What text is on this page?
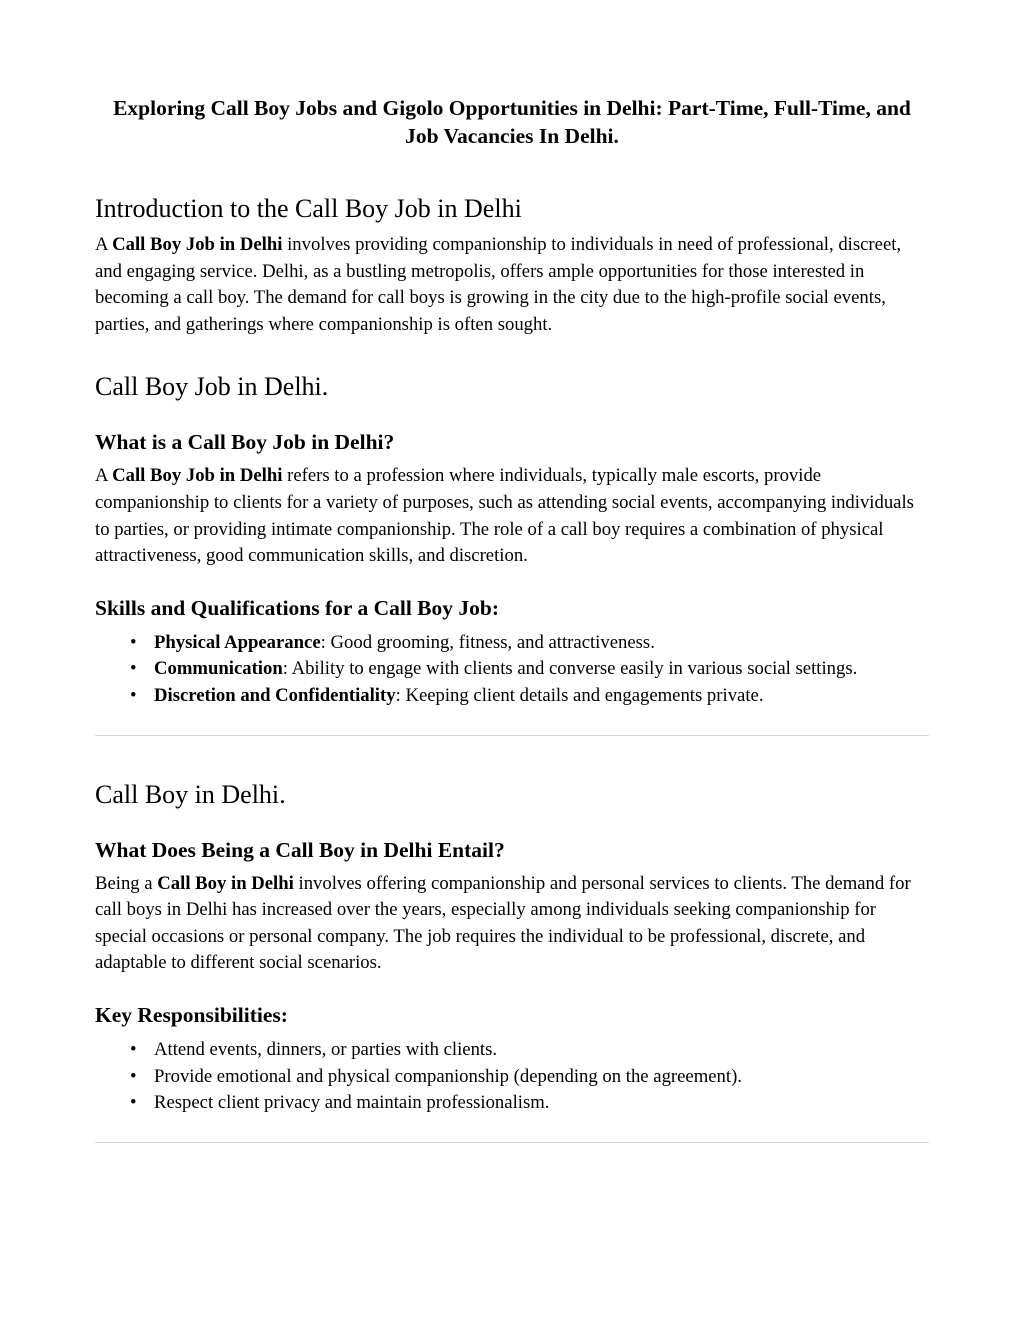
Exploring Call Boy Jobs and Gigolo Opportunities in Delhi: Part-Time, Full-Time, and Job Vacancies In Delhi.
Introduction to the Call Boy Job in Delhi

A Call Boy Job in Delhi involves providing companionship to individuals in need of professional, discreet, and engaging service. Delhi, as a bustling metropolis, offers ample opportunities for those interested in becoming a call boy. The demand for call boys is growing in the city due to the high-profile social events, parties, and gatherings where companionship is often sought.

Call Boy Job in Delhi.
What is a Call Boy Job in Delhi?

A Call Boy Job in Delhi refers to a profession where individuals, typically male escorts, provide companionship to clients for a variety of purposes, such as attending social events, accompanying individuals to parties, or providing intimate companionship. The role of a call boy requires a combination of physical attractiveness, good communication skills, and discretion.

Skills and Qualifications for a Call Boy Job:
• Physical Appearance: Good grooming, fitness, and attractiveness.
• Communication: Ability to engage with clients and converse easily in various social settings.
• Discretion and Confidentiality: Keeping client details and engagements private.
Call Boy in Delhi.
What Does Being a Call Boy in Delhi Entail?

Being a Call Boy in Delhi involves offering companionship and personal services to clients. The demand for call boys in Delhi has increased over the years, especially among individuals seeking companionship for special occasions or personal company. The job requires the individual to be professional, discrete, and adaptable to different social scenarios.

Key Responsibilities:
• Attend events, dinners, or parties with clients.
• Provide emotional and physical companionship (depending on the agreement).
• Respect client privacy and maintain professionalism.
